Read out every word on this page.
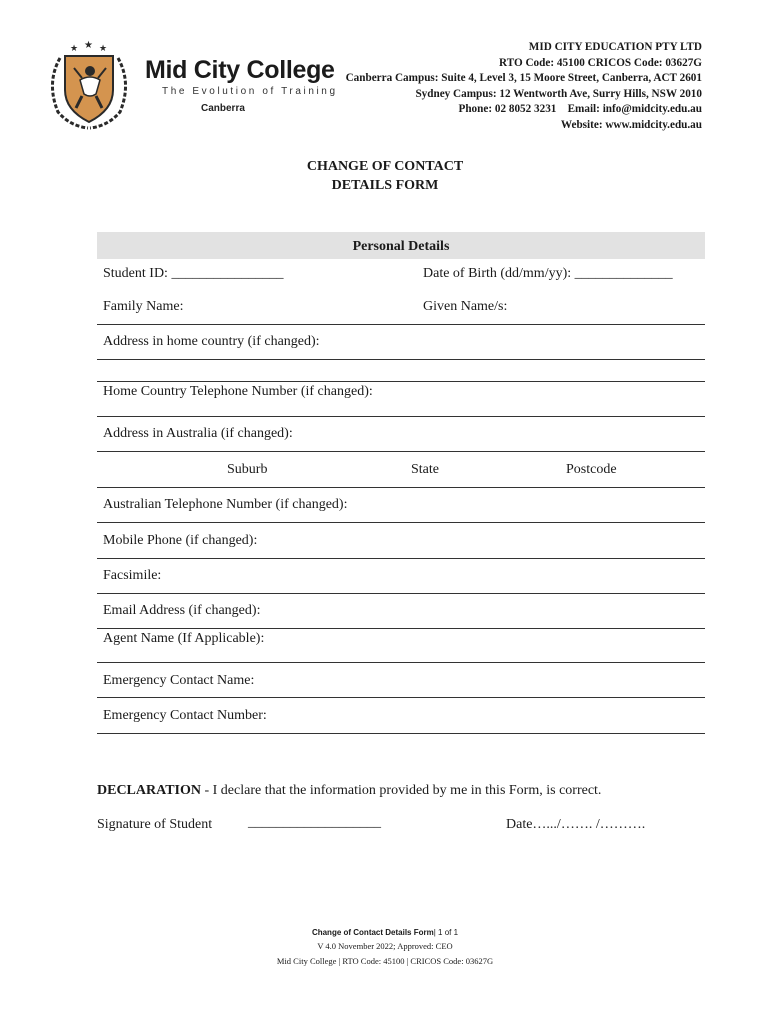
★ ★ ★
Mid City College
The Evolution of Training
Canberra
MID CITY EDUCATION PTY LTD
RTO Code: 45100 CRICOS Code: 03627G
Canberra Campus: Suite 4, Level 3, 15 Moore Street, Canberra, ACT 2601
Sydney Campus: 12 Wentworth Ave, Surry Hills, NSW 2010
Phone: 02 8052 3231    Email: info@midcity.edu.au
Website: www.midcity.edu.au
CHANGE OF CONTACT
DETAILS FORM
Personal Details
Student ID: ________________	Date of Birth (dd/mm/yy): ______________
Family Name:	Given Name/s:
Address in home country (if changed):
Home Country Telephone Number (if changed):
Address in Australia (if changed):
Suburb	State	Postcode
Australian Telephone Number (if changed):
Mobile Phone (if changed):
Facsimile:
Email Address (if changed):
Agent Name (If Applicable):
Emergency Contact Name:
Emergency Contact Number:
DECLARATION - I declare that the information provided by me in this Form, is correct.
Signature of Student	___________________	Date….../……. /……….
Change of Contact Details Form| 1 of 1
V 4.0 November 2022; Approved: CEO
Mid City College | RTO Code: 45100 | CRICOS Code: 03627G
